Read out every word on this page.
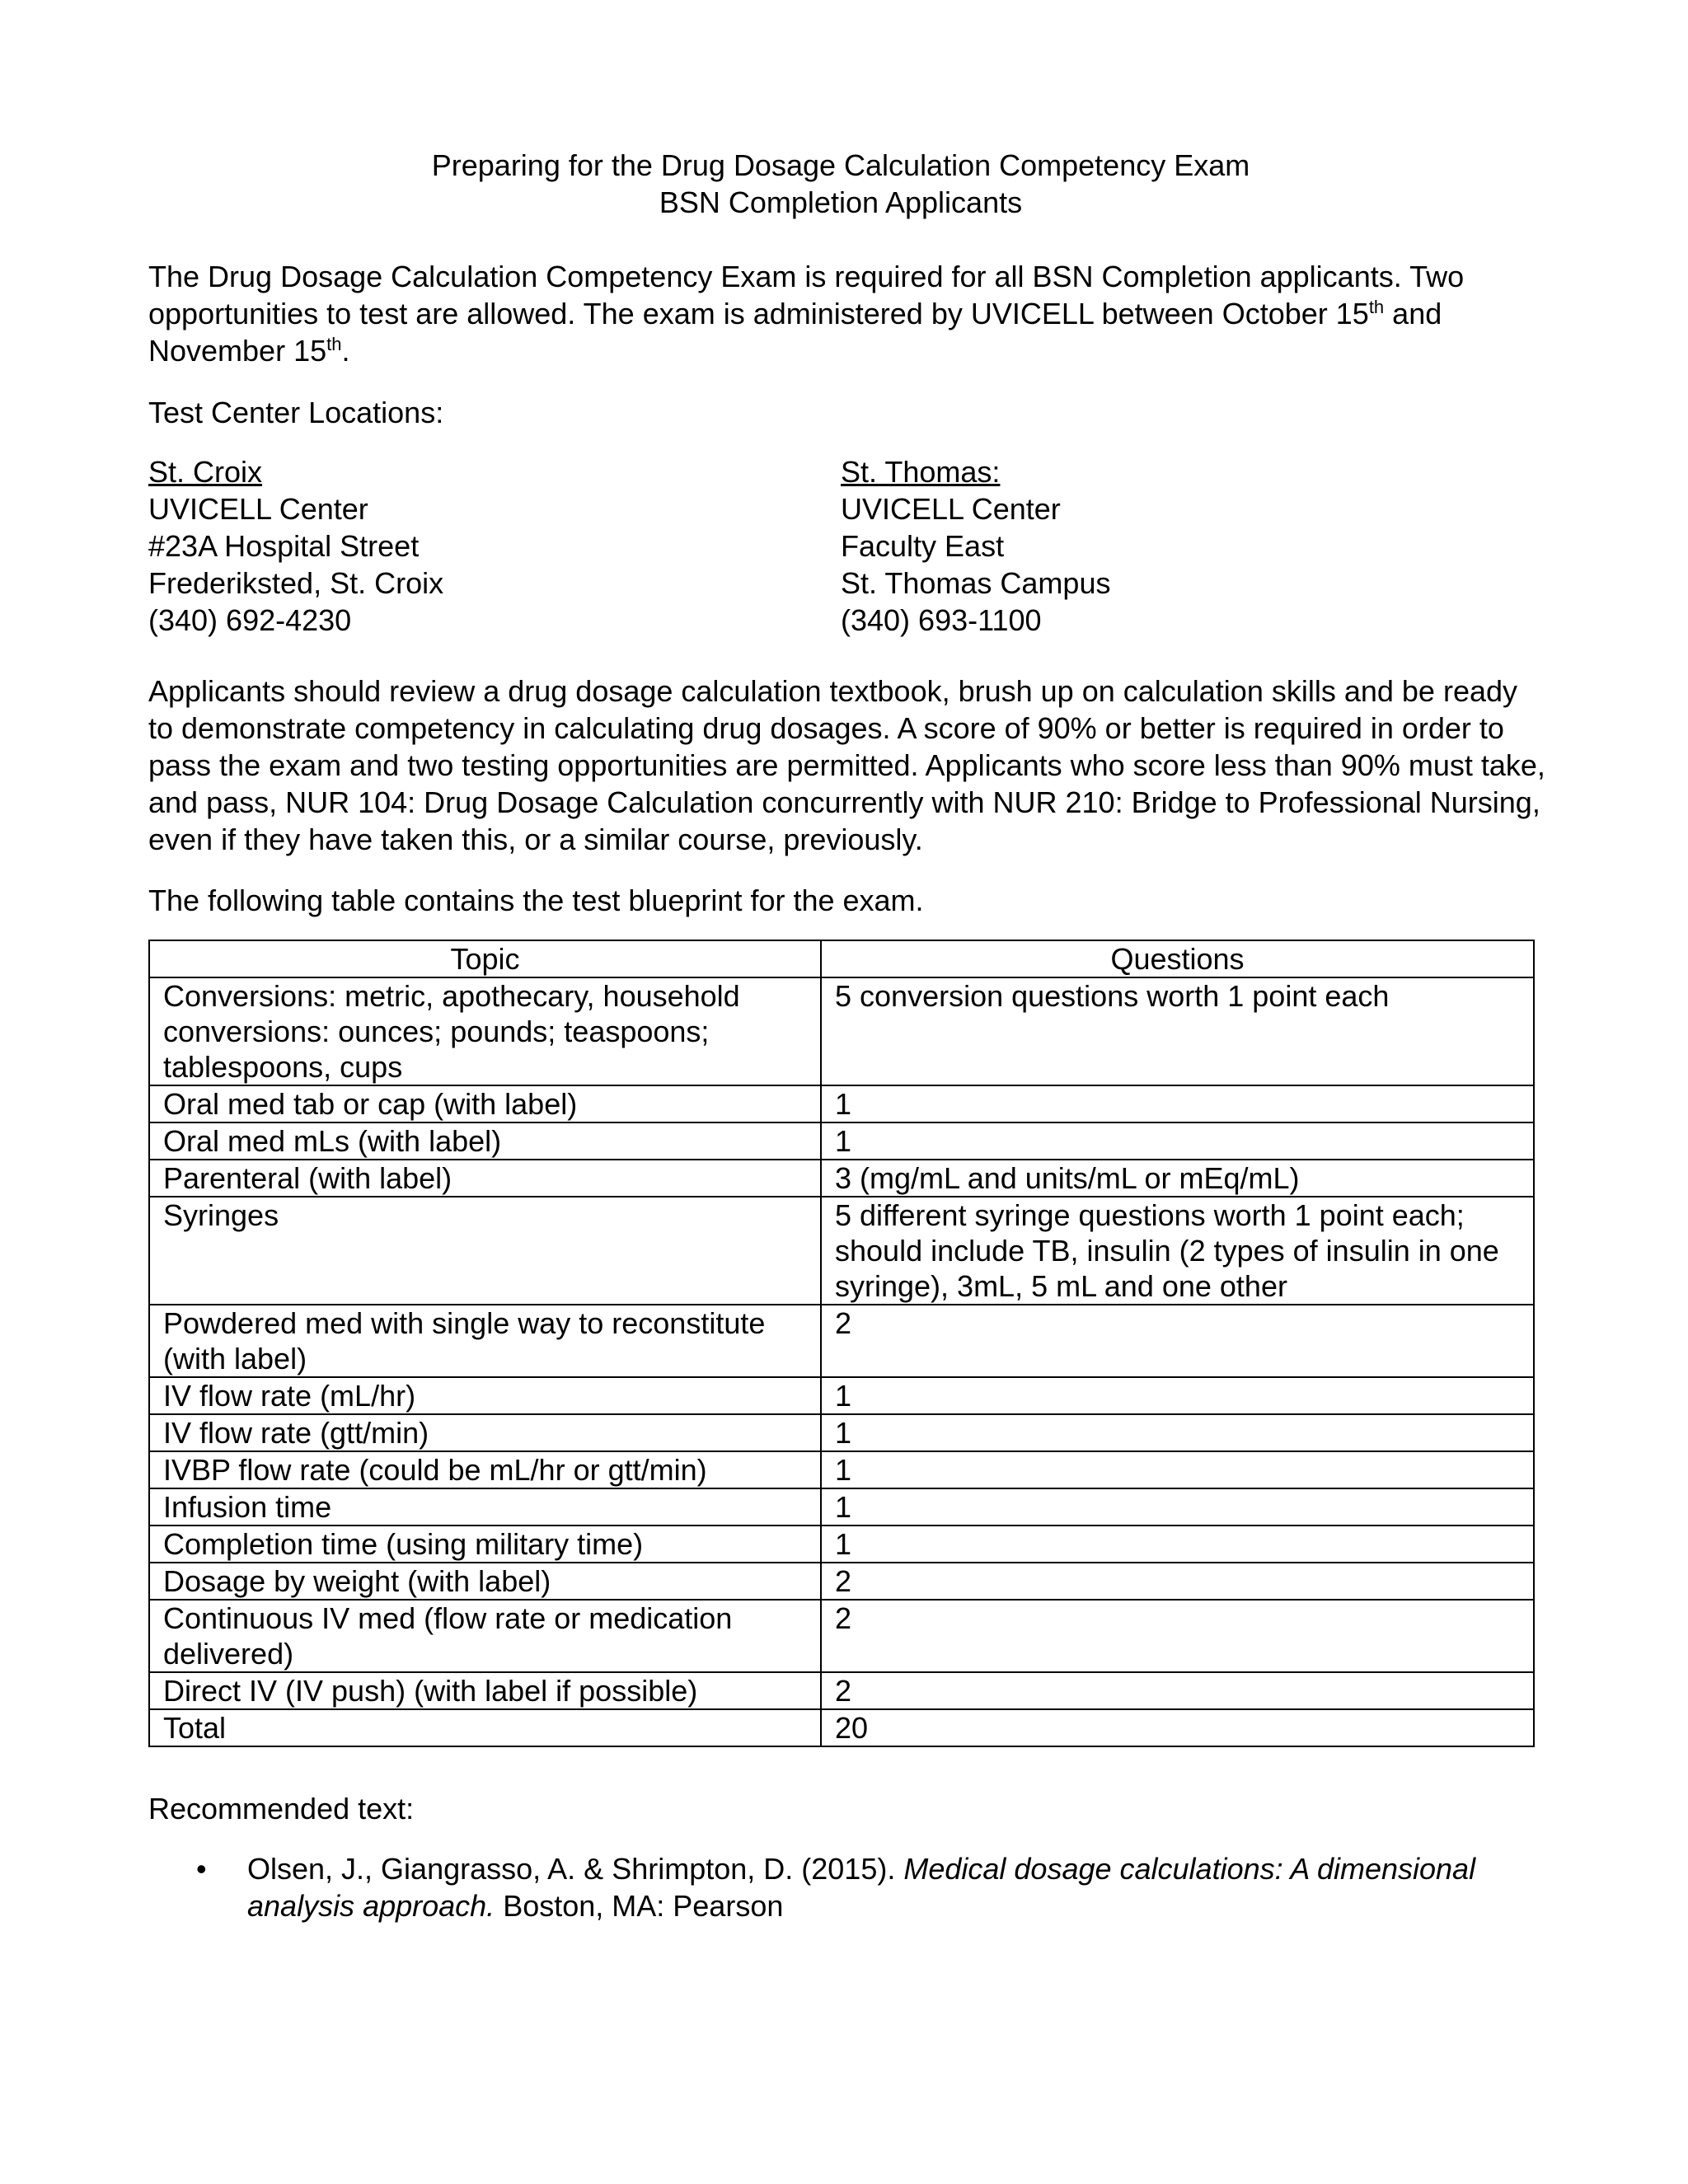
Preparing for the Drug Dosage Calculation Competency Exam
BSN Completion Applicants

The Drug Dosage Calculation Competency Exam is required for all BSN Completion applicants. Two opportunities to test are allowed. The exam is administered by UVICELL between October 15th and November 15th.

Test Center Locations:

St. Croix
UVICELL Center
#23A Hospital Street
Frederiksted, St. Croix
(340) 692-4230
St. Thomas:
UVICELL Center
Faculty East
St. Thomas Campus
(340) 693-1100

Applicants should review a drug dosage calculation textbook, brush up on calculation skills and be ready to demonstrate competency in calculating drug dosages. A score of 90% or better is required in order to pass the exam and two testing opportunities are permitted. Applicants who score less than 90% must take, and pass, NUR 104: Drug Dosage Calculation concurrently with NUR 210: Bridge to Professional Nursing, even if they have taken this, or a similar course, previously.

The following table contains the test blueprint for the exam.

Topic	Questions
Conversions: metric, apothecary, household conversions: ounces; pounds; teaspoons; tablespoons, cups	5 conversion questions worth 1 point each
Oral med tab or cap (with label)	1
Oral med mLs (with label)	1
Parenteral (with label)	3 (mg/mL and units/mL or mEq/mL)
Syringes	5 different syringe questions worth 1 point each; should include TB, insulin (2 types of insulin in one syringe), 3mL, 5 mL and one other
Powdered med with single way to reconstitute (with label)	2
IV flow rate (mL/hr)	1
IV flow rate (gtt/min)	1
IVBP flow rate (could be mL/hr or gtt/min)	1
Infusion time	1
Completion time (using military time)	1
Dosage by weight (with label)	2
Continuous IV med (flow rate or medication delivered)	2
Direct IV (IV push) (with label if possible)	2
Total	20

Recommended text:

• Olsen, J., Giangrasso, A. & Shrimpton, D. (2015). Medical dosage calculations: A dimensional analysis approach. Boston, MA: Pearson
